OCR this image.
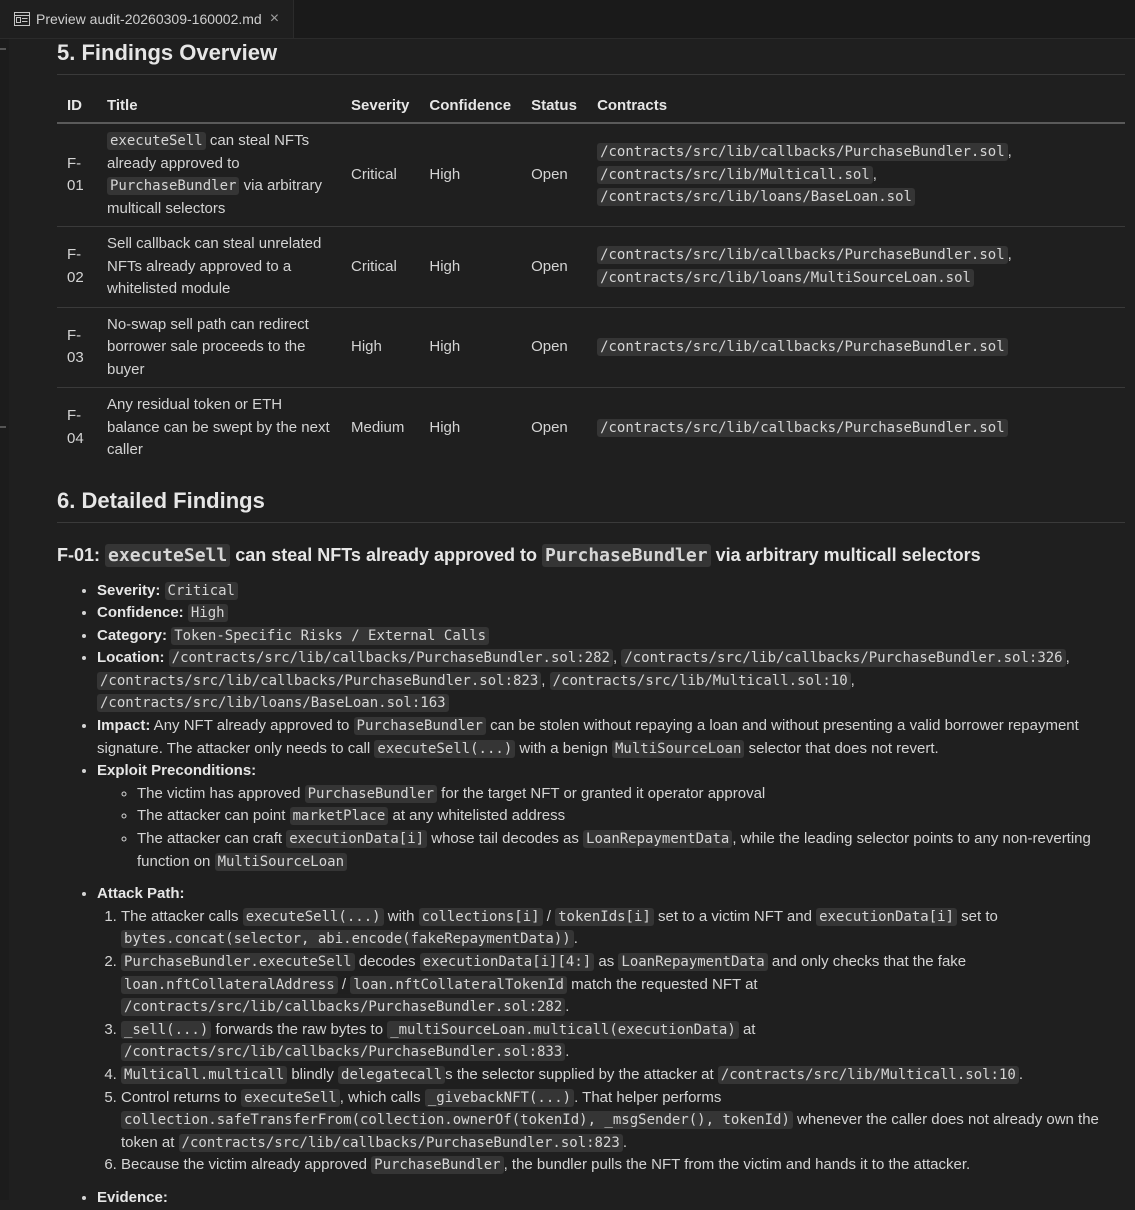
Preview audit-20260309-160002.md ×
5. Findings Overview
ID	Title	Severity	Confidence	Status	Contracts
F-01	executeSell can steal NFTs already approved to PurchaseBundler via arbitrary multicall selectors	Critical	High	Open	/contracts/src/lib/callbacks/PurchaseBundler.sol ,
/contracts/src/lib/Multicall.sol ,
/contracts/src/lib/loans/BaseLoan.sol
F-02	Sell callback can steal unrelated NFTs already approved to a whitelisted module	Critical	High	Open	/contracts/src/lib/callbacks/PurchaseBundler.sol ,
/contracts/src/lib/loans/MultiSourceLoan.sol
F-03	No-swap sell path can redirect borrower sale proceeds to the buyer	High	High	Open	/contracts/src/lib/callbacks/PurchaseBundler.sol
F-04	Any residual token or ETH balance can be swept by the next caller	Medium	High	Open	/contracts/src/lib/callbacks/PurchaseBundler.sol
6. Detailed Findings
F-01: executeSell can steal NFTs already approved to PurchaseBundler via arbitrary multicall selectors
• Severity: Critical
• Confidence: High
• Category: Token-Specific Risks / External Calls
• Location: /contracts/src/lib/callbacks/PurchaseBundler.sol:282 , /contracts/src/lib/callbacks/PurchaseBundler.sol:326 , /contracts/src/lib/callbacks/PurchaseBundler.sol:823 , /contracts/src/lib/Multicall.sol:10 , /contracts/src/lib/loans/BaseLoan.sol:163
• Impact: Any NFT already approved to PurchaseBundler can be stolen without repaying a loan and without presenting a valid borrower repayment signature. The attacker only needs to call executeSell(...) with a benign MultiSourceLoan selector that does not revert.
• Exploit Preconditions:
◦ The victim has approved PurchaseBundler for the target NFT or granted it operator approval
◦ The attacker can point marketPlace at any whitelisted address
◦ The attacker can craft executionData[i] whose tail decodes as LoanRepaymentData , while the leading selector points to any non-reverting function on MultiSourceLoan
• Attack Path:
1. The attacker calls executeSell(...) with collections[i] / tokenIds[i] set to a victim NFT and executionData[i] set to bytes.concat(selector, abi.encode(fakeRepaymentData)) .
2. PurchaseBundler.executeSell decodes executionData[i][4:] as LoanRepaymentData and only checks that the fake loan.nftCollateralAddress / loan.nftCollateralTokenId match the requested NFT at /contracts/src/lib/callbacks/PurchaseBundler.sol:282 .
3. _sell(...) forwards the raw bytes to _multiSourceLoan.multicall(executionData) at /contracts/src/lib/callbacks/PurchaseBundler.sol:833 .
4. Multicall.multicall blindly delegatecall s the selector supplied by the attacker at /contracts/src/lib/Multicall.sol:10 .
5. Control returns to executeSell , which calls _givebackNFT(...) . That helper performs collection.safeTransferFrom(collection.ownerOf(tokenId), _msgSender(), tokenId) whenever the caller does not already own the token at /contracts/src/lib/callbacks/PurchaseBundler.sol:823 .
6. Because the victim already approved PurchaseBundler , the bundler pulls the NFT from the victim and hands it to the attacker.
• Evidence:
